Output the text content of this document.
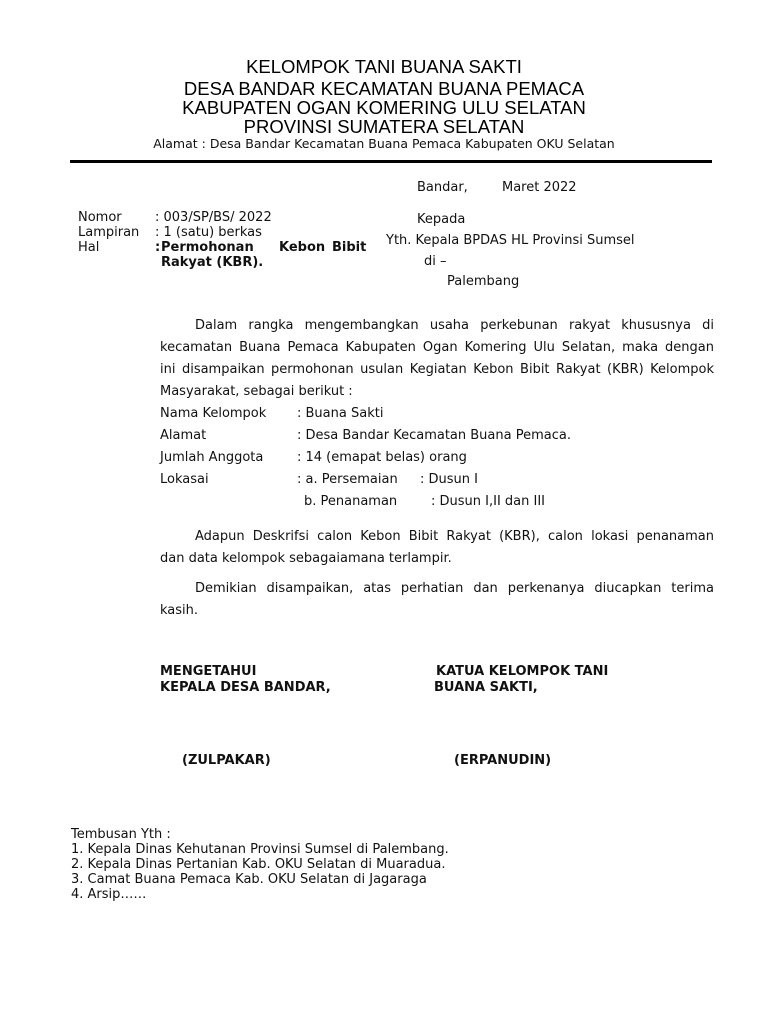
KELOMPOK TANI BUANA SAKTI
DESA BANDAR KECAMATAN BUANA PEMACA
KABUPATEN OGAN KOMERING ULU SELATAN
PROVINSI SUMATERA SELATAN
Alamat : Desa Bandar Kecamatan Buana Pemaca Kabupaten OKU Selatan
Bandar,	Maret 2022
Nomor	: 003/SP/BS/ 2022
Lampiran : 1 (satu) berkas
Hal	: Permohonan Kebon Bibit
Rakyat (KBR).
Kepada
Yth. Kepala BPDAS HL Provinsi Sumsel
di –
Palembang
Dalam rangka mengembangkan usaha perkebunan rakyat khususnya di
kecamatan Buana Pemaca Kabupaten Ogan Komering Ulu Selatan, maka dengan
ini disampaikan permohonan usulan Kegiatan Kebon Bibit Rakyat (KBR) Kelompok
Masyarakat, sebagai berikut :
Nama Kelompok : Buana Sakti
Alamat	: Desa Bandar Kecamatan Buana Pemaca.
Jumlah Anggota	: 14 (emapat belas) orang
Lokasai	: a. Persemaian : Dusun I
b. Penanaman	: Dusun I,II dan III
Adapun Deskrifsi calon Kebon Bibit Rakyat (KBR), calon lokasi penanaman
dan data kelompok sebagaiamana terlampir.
Demikian disampaikan, atas perhatian dan perkenanya diucapkan terima
kasih.
MENGETAHUI
KEPALA DESA BANDAR,
(ZULPAKAR)
KATUA KELOMPOK TANI
BUANA SAKTI,
(ERPANUDIN)
Tembusan Yth :
1. Kepala Dinas Kehutanan Provinsi Sumsel di Palembang.
2. Kepala Dinas Pertanian Kab. OKU Selatan di Muaradua.
3. Camat Buana Pemaca Kab. OKU Selatan di Jagaraga
4. Arsip……
